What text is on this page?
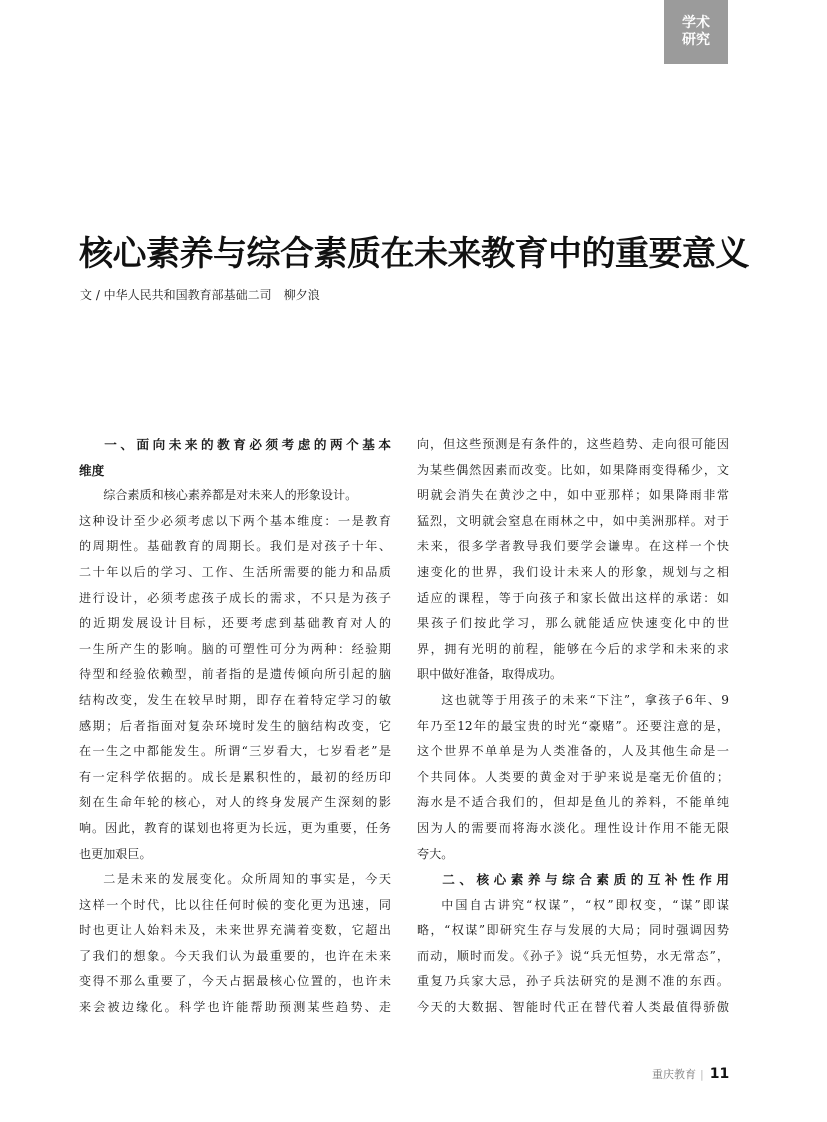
学术
研究
核心素养与综合素质在未来教育中的重要意义
文 / 中华人民共和国教育部基础二司 柳夕浪
一、面向未来的教育必须考虑的两个基本
维度
综合素质和核心素养都是对未来人的形象设计。
这种设计至少必须考虑以下两个基本维度：一是教育
的周期性。基础教育的周期长。我们是对孩子十年、
二十年以后的学习、工作、生活所需要的能力和品质
进行设计，必须考虑孩子成长的需求，不只是为孩子
的近期发展设计目标，还要考虑到基础教育对人的
一生所产生的影响。脑的可塑性可分为两种：经验期
待型和经验依赖型，前者指的是遗传倾向所引起的脑
结构改变，发生在较早时期，即存在着特定学习的敏
感期；后者指面对复杂环境时发生的脑结构改变，它
在一生之中都能发生。所谓“三岁看大，七岁看老”是
有一定科学依据的。成长是累积性的，最初的经历印
刻在生命年轮的核心，对人的终身发展产生深刻的影
响。因此，教育的谋划也将更为长远，更为重要，任务
也更加艰巨。
二是未来的发展变化。众所周知的事实是，今天
这样一个时代，比以往任何时候的变化更为迅速，同
时也更让人始料未及，未来世界充满着变数，它超出
了我们的想象。今天我们认为最重要的，也许在未来
变得不那么重要了，今天占据最核心位置的，也许未
来会被边缘化。科学也许能帮助预测某些趋势、走
向，但这些预测是有条件的，这些趋势、走向很可能因
为某些偶然因素而改变。比如，如果降雨变得稀少，文
明就会消失在黄沙之中，如中亚那样；如果降雨非常
猛烈，文明就会窒息在雨林之中，如中美洲那样。对于
未来，很多学者教导我们要学会谦卑。在这样一个快
速变化的世界，我们设计未来人的形象，规划与之相
适应的课程，等于向孩子和家长做出这样的承诺：如
果孩子们按此学习，那么就能适应快速变化中的世
界，拥有光明的前程，能够在今后的求学和未来的求
职中做好准备，取得成功。
这也就等于用孩子的未来“下注”，拿孩子6年、9
年乃至12年的最宝贵的时光“豪赌”。还要注意的是，
这个世界不单单是为人类准备的，人及其他生命是一
个共同体。人类要的黄金对于驴来说是毫无价值的；
海水是不适合我们的，但却是鱼儿的养料，不能单纯
因为人的需要而将海水淡化。理性设计作用不能无限
夸大。
二、核心素养与综合素质的互补性作用
中国自古讲究“权谋”，“权”即权变，“谋”即谋
略，“权谋”即研究生存与发展的大局；同时强调因势
而动，顺时而发。《孙子》说“兵无恒势，水无常态”，
重复乃兵家大忌，孙子兵法研究的是测不准的东西。
今天的大数据、智能时代正在替代着人类最值得骄傲
重庆教育 | 11
